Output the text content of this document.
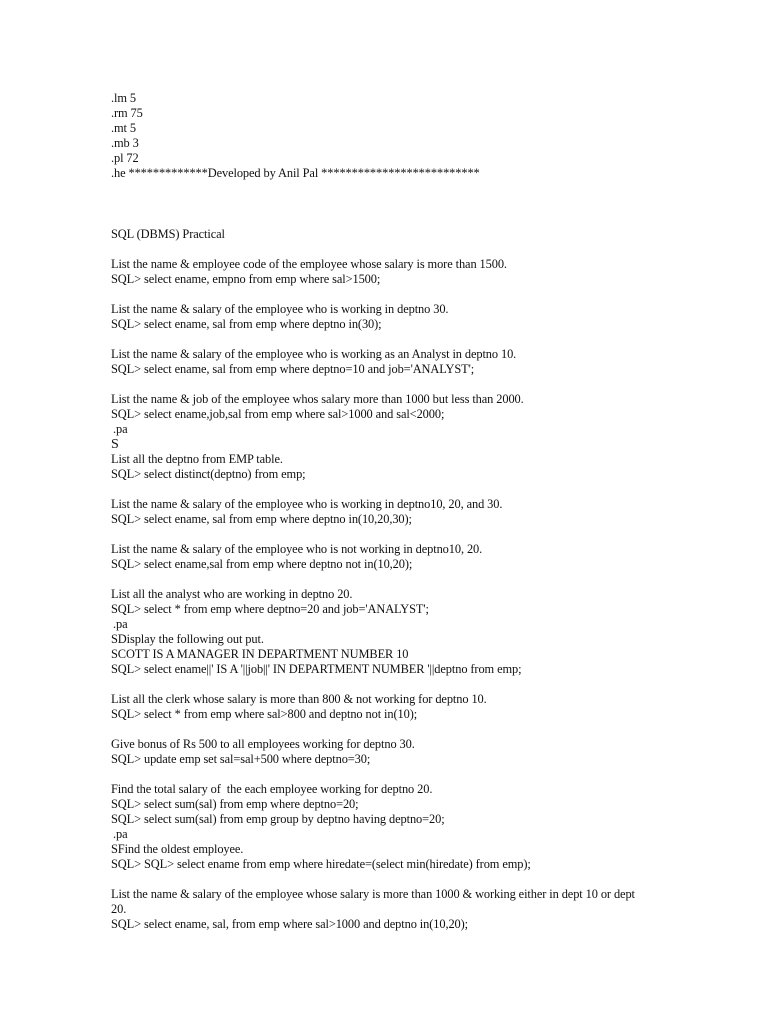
.lm 5
.rm 75
.mt 5
.mb 3
.pl 72
.he *************Developed by Anil Pal **************************
SQL (DBMS) Practical
List the name & employee code of the employee whose salary is more than 1500.
SQL> select ename, empno from emp where sal>1500;
List the name & salary of the employee who is working in deptno 30.
SQL> select ename, sal from emp where deptno in(30);
List the name & salary of the employee who is working as an Analyst in deptno 10.
SQL> select ename, sal from emp where deptno=10 and job='ANALYST';
List the name & job of the employee whos salary more than 1000 but less than 2000.
SQL> select ename,job,sal from emp where sal>1000 and sal<2000;
.pa
S
List all the deptno from EMP table.
SQL> select distinct(deptno) from emp;
List the name & salary of the employee who is working in deptno10, 20, and 30.
SQL> select ename, sal from emp where deptno in(10,20,30);
List the name & salary of the employee who is not working in deptno10, 20.
SQL> select ename,sal from emp where deptno not in(10,20);
List all the analyst who are working in deptno 20.
SQL> select * from emp where deptno=20 and job='ANALYST';
.pa
SDisplay the following out put.
SCOTT IS A MANAGER IN DEPARTMENT NUMBER 10
SQL> select ename||' IS A '||job||' IN DEPARTMENT NUMBER '||deptno from emp;
List all the clerk whose salary is more than 800 & not working for deptno 10.
SQL> select * from emp where sal>800 and deptno not in(10);
Give bonus of Rs 500 to all employees working for deptno 30.
SQL> update emp set sal=sal+500 where deptno=30;
Find the total salary of  the each employee working for deptno 20.
SQL> select sum(sal) from emp where deptno=20;
SQL> select sum(sal) from emp group by deptno having deptno=20;
.pa
SFind the oldest employee.
SQL> SQL> select ename from emp where hiredate=(select min(hiredate) from emp);
List the name & salary of the employee whose salary is more than 1000 & working either in dept 10 or dept
20.
SQL> select ename, sal, from emp where sal>1000 and deptno in(10,20);
